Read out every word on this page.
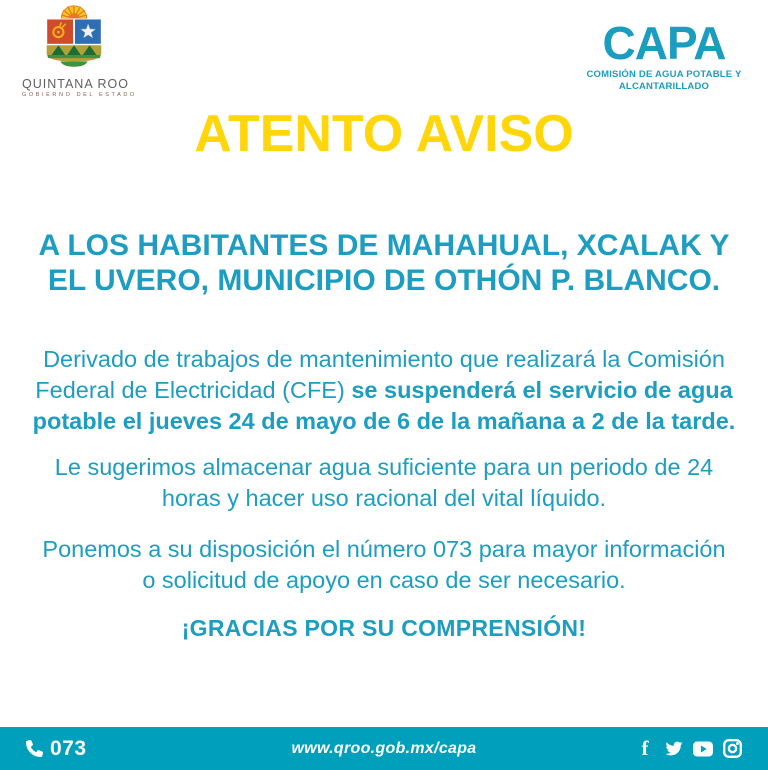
QUINTANA ROO
GOBIERNO DEL ESTADO
CAPA
COMISIÓN DE AGUA POTABLE Y
ALCANTARILLADO
ATENTO AVISO
A LOS HABITANTES DE MAHAHUAL, XCALAK Y
EL UVERO, MUNICIPIO DE OTHÓN P. BLANCO.
Derivado de trabajos de mantenimiento que realizará la Comisión
Federal de Electricidad (CFE) se suspenderá el servicio de agua
potable el jueves 24 de mayo de 6 de la mañana a 2 de la tarde.
Le sugerimos almacenar agua suficiente para un periodo de 24
horas y hacer uso racional del vital líquido.
Ponemos a su disposición el número 073 para mayor información
o solicitud de apoyo en caso de ser necesario.
¡GRACIAS POR SU COMPRENSIÓN!
073	www.qroo.gob.mx/capa	f
